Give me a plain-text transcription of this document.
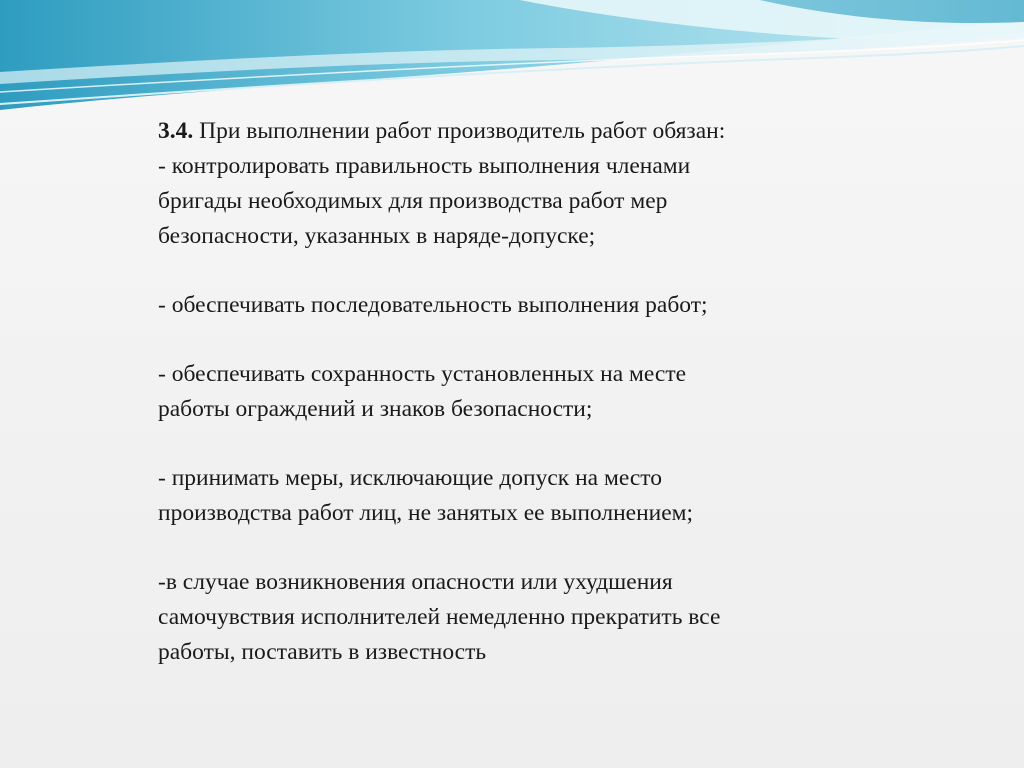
3.4. При выполнении работ производитель работ обязан:
- контролировать правильность выполнения членами
бригады необходимых для производства работ мер
безопасности, указанных в наряде-допуске;
- обеспечивать последовательность выполнения работ;
- обеспечивать сохранность установленных на месте
работы ограждений и знаков безопасности;
- принимать меры, исключающие допуск на место
производства работ лиц, не занятых ее выполнением;
-в случае возникновения опасности или ухудшения
самочувствия исполнителей немедленно прекратить все
работы, поставить в известность
